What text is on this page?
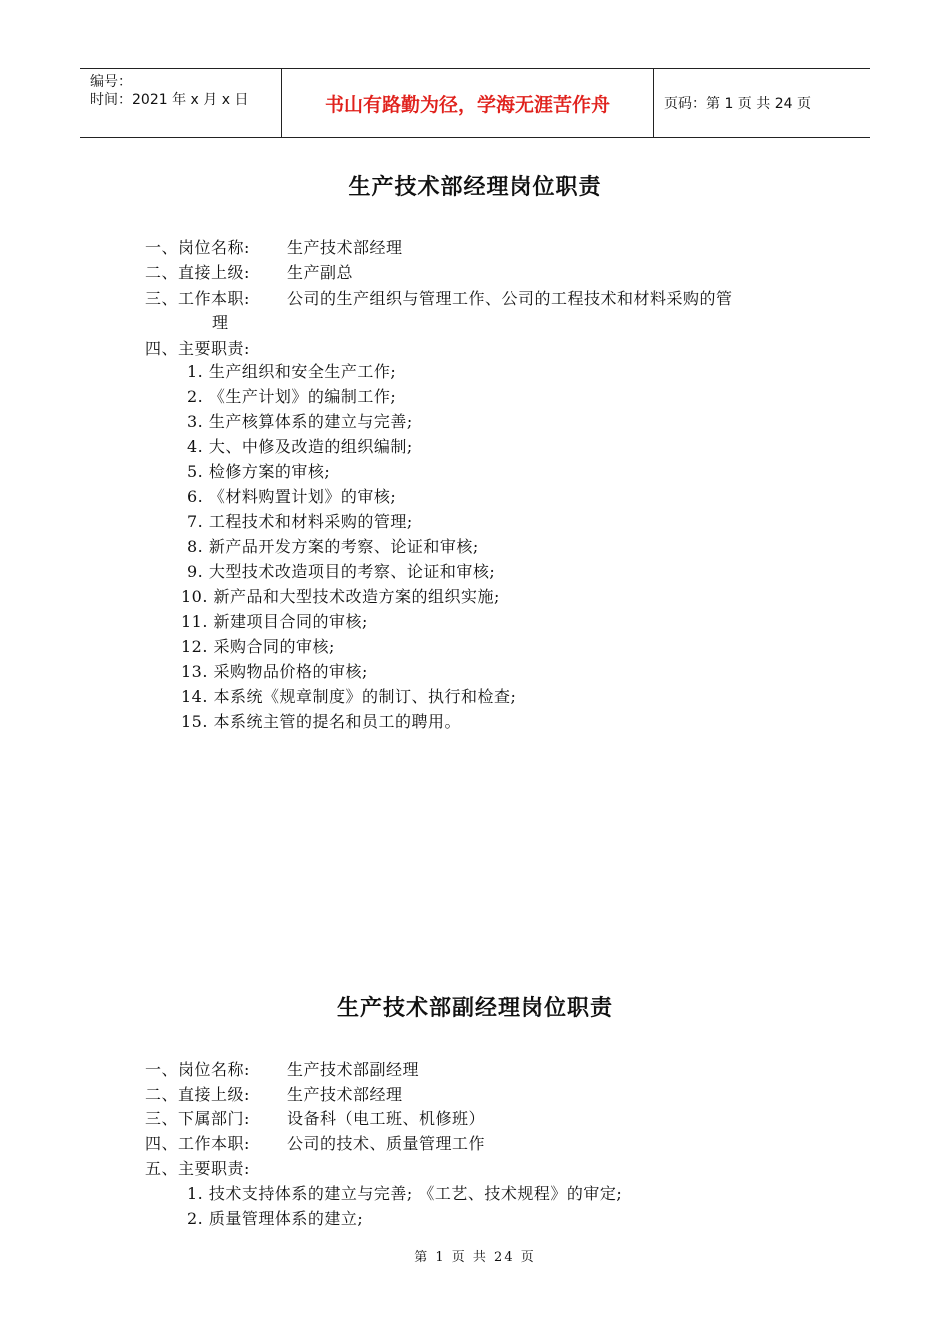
编号：
时间：2021 年 x 月 x 日	书山有路勤为径，学海无涯苦作舟	页码：第 1 页 共 24 页
生产技术部经理岗位职责
一、岗位名称: 生产技术部经理
二、直接上级: 生产副总
三、工作本职: 公司的生产组织与管理工作、公司的工程技术和材料采购的管
理
四、主要职责:
1. 生产组织和安全生产工作;
2. 《生产计划》的编制工作;
3. 生产核算体系的建立与完善;
4. 大、中修及改造的组织编制;
5. 检修方案的审核;
6. 《材料购置计划》的审核;
7. 工程技术和材料采购的管理;
8. 新产品开发方案的考察、论证和审核;
9. 大型技术改造项目的考察、论证和审核;
10. 新产品和大型技术改造方案的组织实施;
11. 新建项目合同的审核;
12. 采购合同的审核;
13. 采购物品价格的审核;
14. 本系统《规章制度》的制订、执行和检查;
15. 本系统主管的提名和员工的聘用。
生产技术部副经理岗位职责
一、岗位名称: 生产技术部副经理
二、直接上级: 生产技术部经理
三、下属部门: 设备科（电工班、机修班）
四、工作本职: 公司的技术、质量管理工作
五、主要职责:
1. 技术支持体系的建立与完善; 《工艺、技术规程》的审定;
2. 质量管理体系的建立;
第 1 页 共 24 页
